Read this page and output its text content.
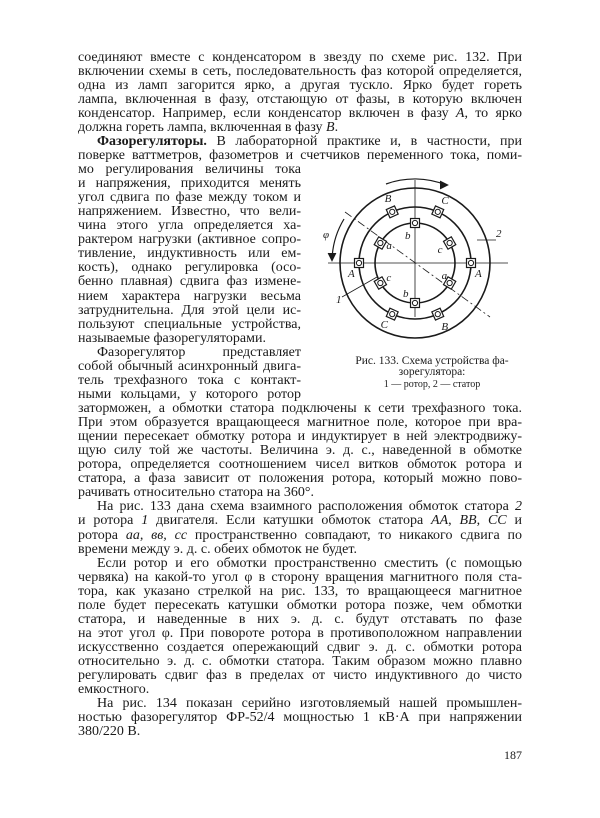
соединяют вместе с конденсатором в звезду по схеме рис. 132. При
включении схемы в сеть, последовательность фаз которой определяется,
одна из ламп загорится ярко, а другая тускло. Ярко будет гореть
лампа, включенная в фазу, отстающую от фазы, в которую включен
конденсатор. Например, если конденсатор включен в фазу A, то ярко
должна гореть лампа, включенная в фазу B.
Фазорегуляторы. В лабораторной практике и, в частности, при
поверке ваттметров, фазометров и счетчиков переменного тока, поми-
мо регулирования величины тока
и напряжения, приходится менять
угол сдвига по фазе между током и
напряжением. Известно, что вели-
чина этого угла определяется ха-
рактером нагрузки (активное сопро-
тивление, индуктивность или ем-
кость), однако регулировка (осо-
бенно плавная) сдвига фаз измене-
нием характера нагрузки весьма
затруднительна. Для этой цели ис-
пользуют специальные устройства,
называемые фазорегуляторами.
Фазорегулятор представляет
собой обычный асинхронный двига-
тель трехфазного тока с контакт-
ными кольцами, у которого ротор
заторможен, а обмотки статора подключены к сети трехфазного тока.
При этом образуется вращающееся магнитное поле, которое при вра-
щении пересекает обмотку ротора и индуктирует в ней электродвижу-
щую силу той же частоты. Величина э. д. с., наведенной в обмотке
ротора, определяется соотношением чисел витков обмоток ротора и
статора, а фаза зависит от положения ротора, который можно пово-
рачивать относительно статора на 360°.
На рис. 133 дана схема взаимного расположения обмоток статора 2
и ротора 1 двигателя. Если катушки обмоток статора AA, BB, CC и
ротора аа, вв, сс пространственно совпадают, то никакого сдвига по
времени между э. д. с. обеих обмоток не будет.
Если ротор и его обмотки пространственно сместить (с помощью
червяка) на какой-то угол φ в сторону вращения магнитного поля ста-
тора, как указано стрелкой на рис. 133, то вращающееся магнитное
поле будет пересекать катушки обмотки ротора позже, чем обмотки
статора, и наведенные в них э. д. с. будут отставать по фазе
на этот угол φ. При повороте ротора в противоположном направлении
искусственно создается опережающий сдвиг э. д. с. обмотки ротора
относительно э. д. с. обмотки статора. Таким образом можно плавно
регулировать сдвиг фаз в пределах от чисто индуктивного до чисто
емкостного.
На рис. 134 показан серийно изготовляемый нашей промышлен-
ностью фазорегулятор ФР-52/4 мощностью 1 кВ·А при напряжении
380/220 В.
A	A
B
B
C
C
a
a
b
b
c
c
1
2
φ
Рис. 133. Схема устройства фа-
зорегулятора:
1 — ротор, 2 — статор
187
